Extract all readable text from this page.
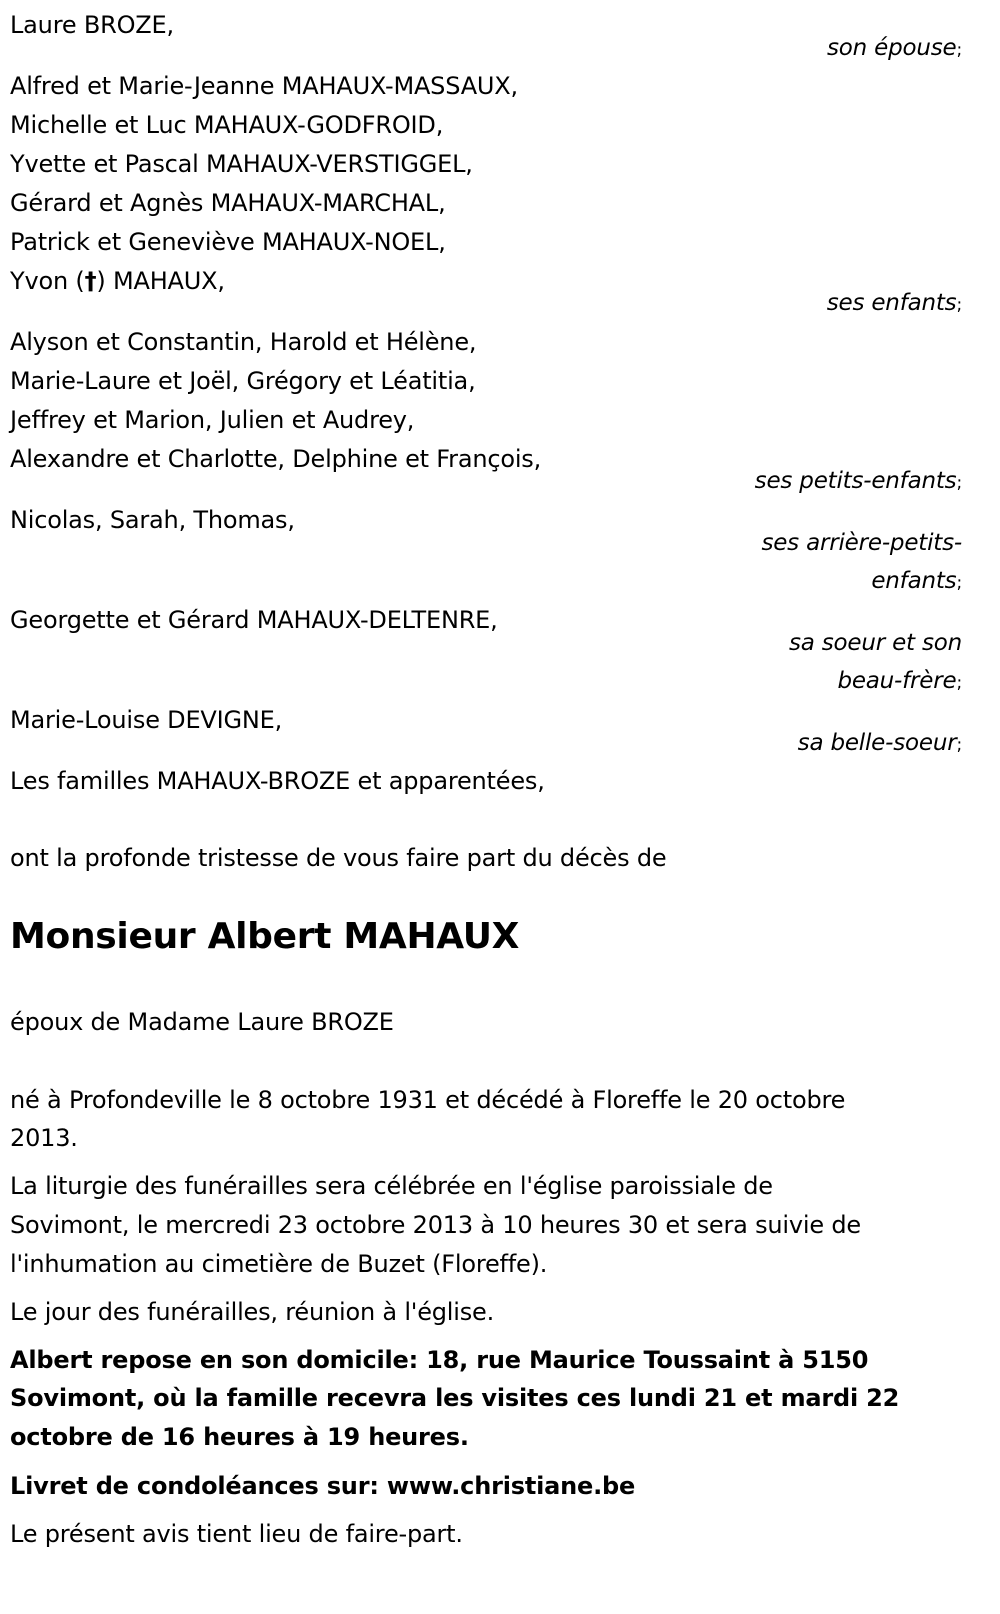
Laure BROZE,
son épouse;
Alfred et Marie-Jeanne MAHAUX-MASSAUX,
Michelle et Luc MAHAUX-GODFROID,
Yvette et Pascal MAHAUX-VERSTIGGEL,
Gérard et Agnès MAHAUX-MARCHAL,
Patrick et Geneviève MAHAUX-NOEL,
Yvon (†) MAHAUX,
ses enfants;
Alyson et Constantin, Harold et Hélène,
Marie-Laure et Joël, Grégory et Léatitia,
Jeffrey et Marion, Julien et Audrey,
Alexandre et Charlotte, Delphine et François,
ses petits-enfants;
Nicolas, Sarah, Thomas,
ses arrière-petits-
enfants;
Georgette et Gérard MAHAUX-DELTENRE,
sa soeur et son
beau-frère;
Marie-Louise DEVIGNE,
sa belle-soeur;
Les familles MAHAUX-BROZE et apparentées,
ont la profonde tristesse de vous faire part du décès de
Monsieur Albert MAHAUX
époux de Madame Laure BROZE
né à Profondeville le 8 octobre 1931 et décédé à Floreffe le 20 octobre
2013.
La liturgie des funérailles sera célébrée en l'église paroissiale de
Sovimont, le mercredi 23 octobre 2013 à 10 heures 30 et sera suivie de
l'inhumation au cimetière de Buzet (Floreffe).
Le jour des funérailles, réunion à l'église.
Albert repose en son domicile: 18, rue Maurice Toussaint à 5150
Sovimont, où la famille recevra les visites ces lundi 21 et mardi 22
octobre de 16 heures à 19 heures.
Livret de condoléances sur: www.christiane.be
Le présent avis tient lieu de faire-part.
